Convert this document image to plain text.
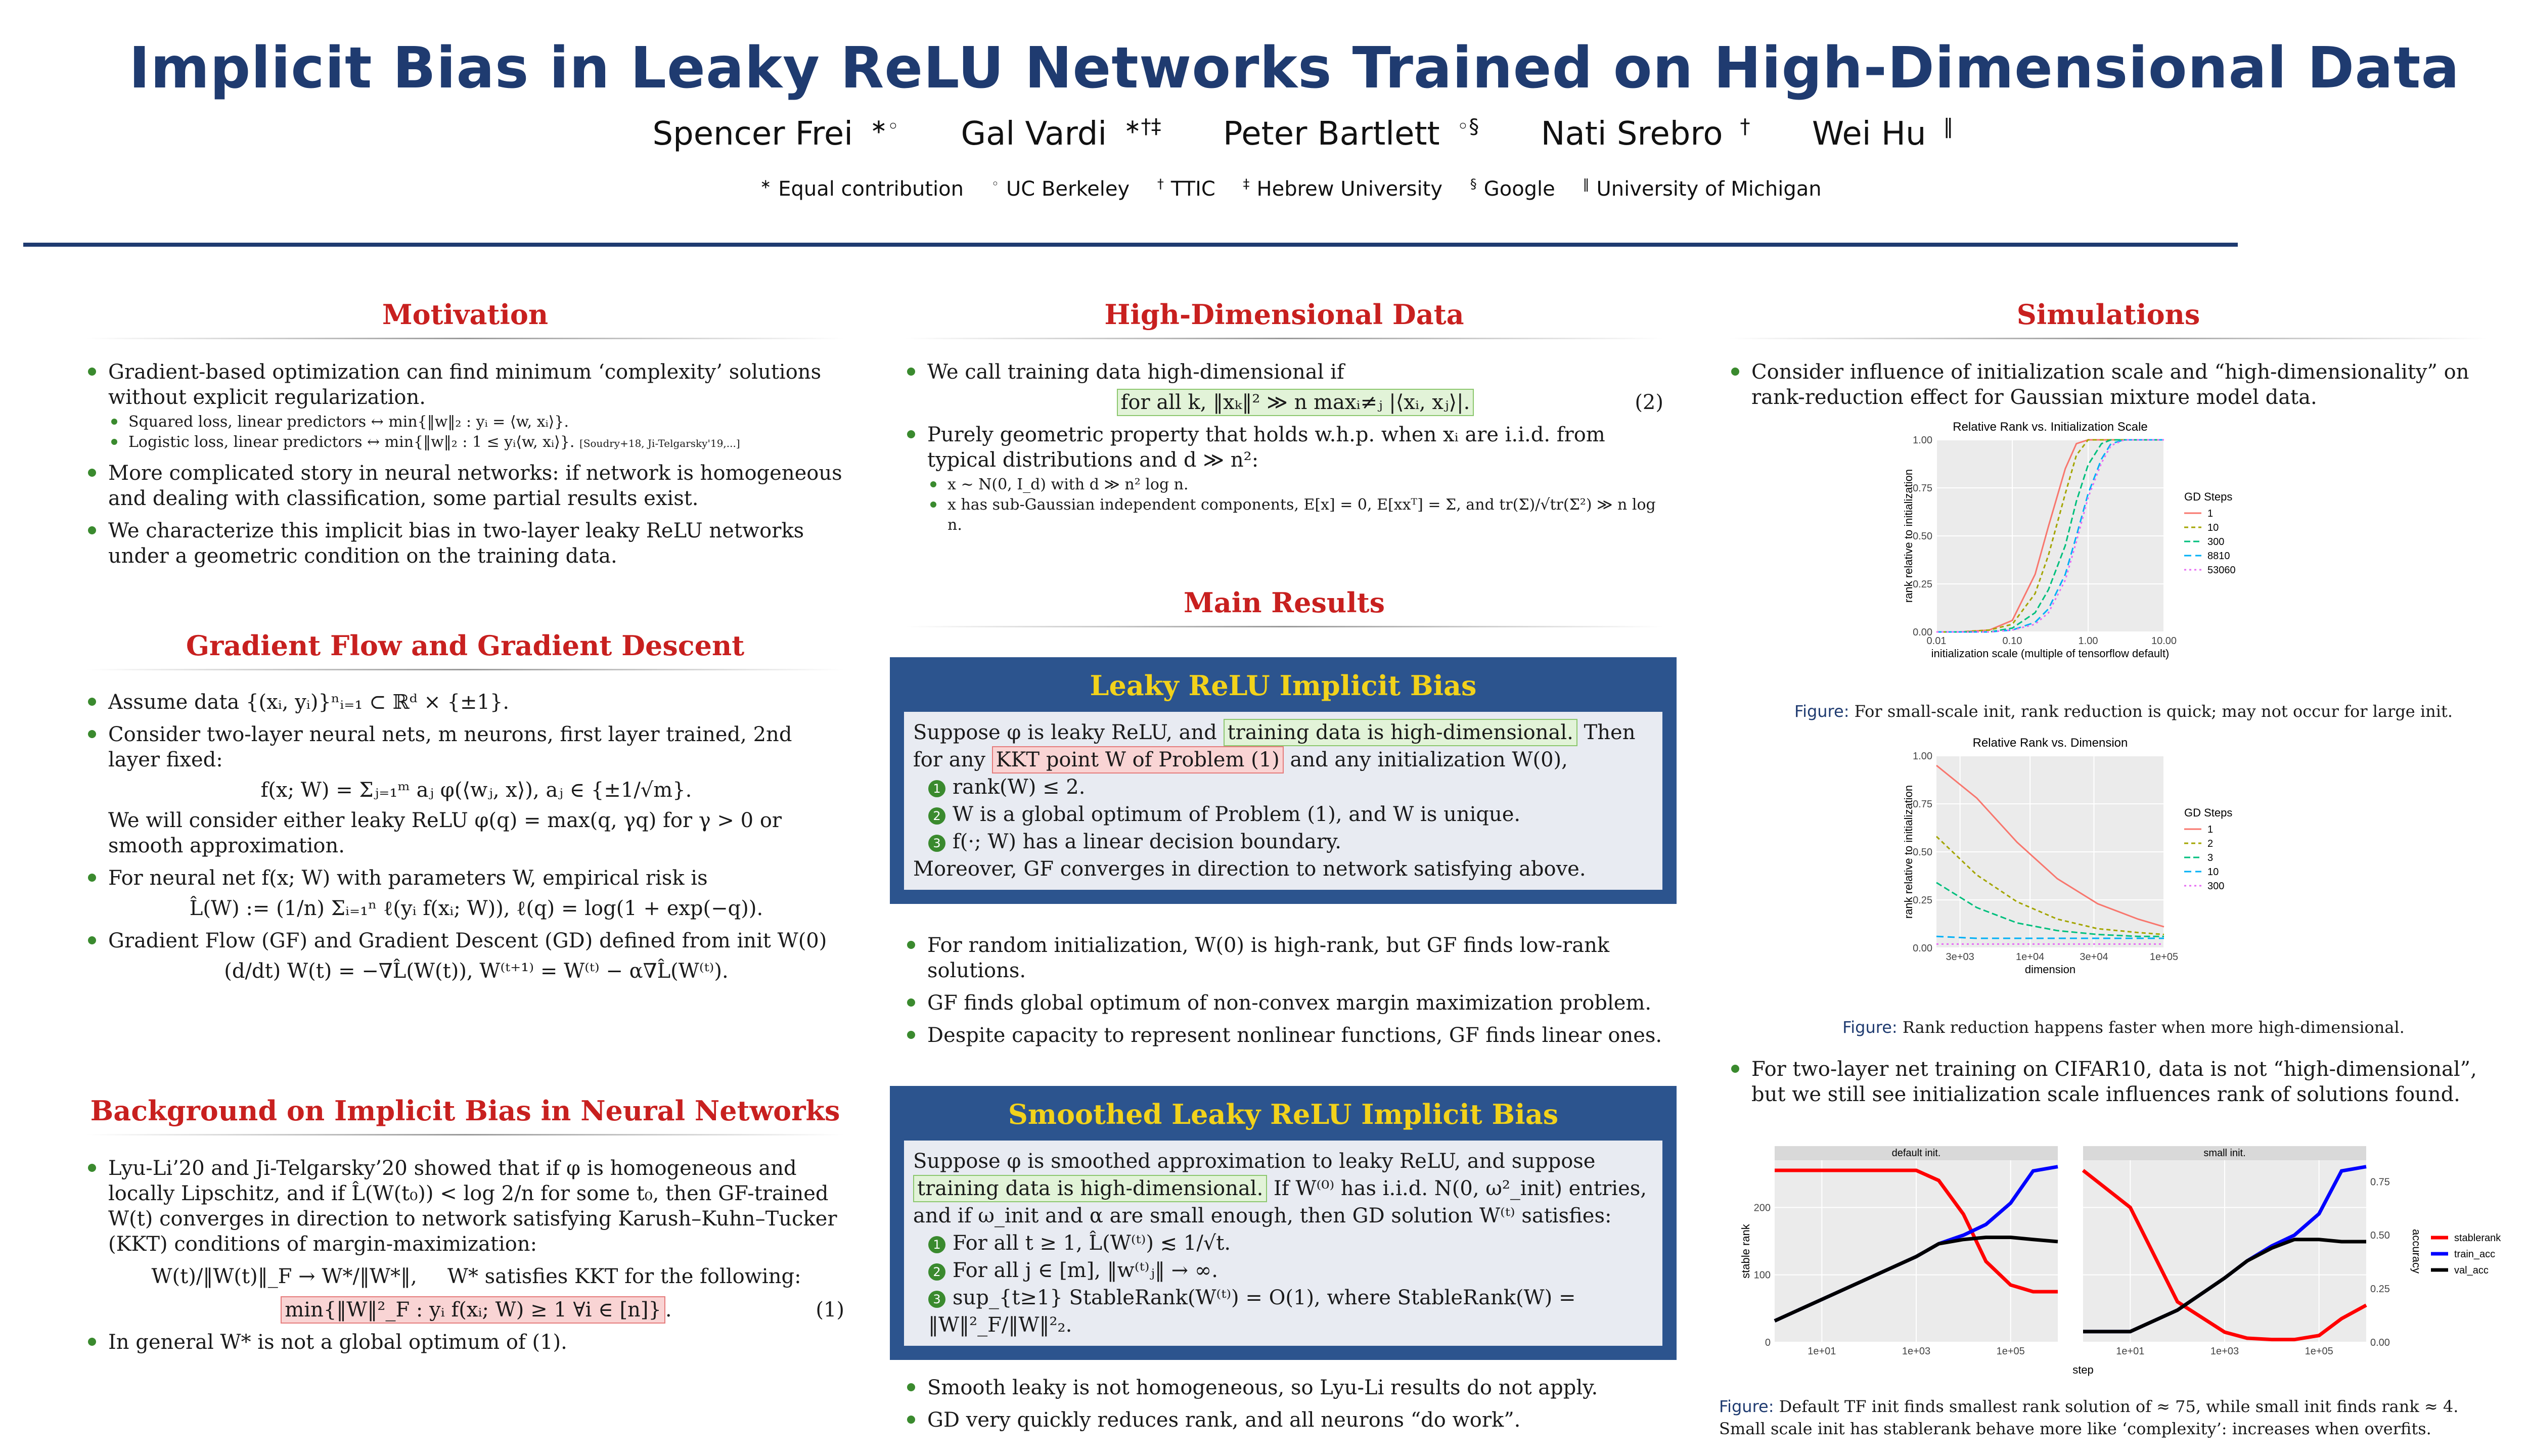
Implicit Bias in Leaky ReLU Networks Trained on High-Dimensional Data
Spencer Frei ∗◦ Gal Vardi ∗†‡ Peter Bartlett ◦§ Nati Srebro † Wei Hu ‖
∗ Equal contribution ◦ UC Berkeley † TTIC ‡ Hebrew University § Google ‖ University of Michigan
Motivation
Gradient-based optimization can find minimum ‘complexity’ solutions without explicit regularization.
Squared loss, linear predictors ↔ min{‖w‖₂ : yᵢ = ⟨w, xᵢ⟩}.
Logistic loss, linear predictors ↔ min{‖w‖₂ : 1 ≤ yᵢ⟨w, xᵢ⟩}. [Soudry+18, Ji-Telgarsky'19,...]
More complicated story in neural networks: if network is homogeneous and dealing with classification, some partial results exist.
We characterize this implicit bias in two-layer leaky ReLU networks under a geometric condition on the training data.
Gradient Flow and Gradient Descent
Assume data {(xᵢ, yᵢ)}ⁿᵢ₌₁ ⊂ ℝᵈ × {±1}.
Consider two-layer neural nets, m neurons, first layer trained, 2nd layer fixed:
f(x; W) = Σⱼ₌₁ᵐ aⱼ φ(⟨wⱼ, x⟩), aⱼ ∈ {±1/√m}.
We will consider either leaky ReLU φ(q) = max(q, γq) for γ > 0 or smooth approximation.
For neural net f(x; W) with parameters W, empirical risk is
L̂(W) := (1/n) Σᵢ₌₁ⁿ ℓ(yᵢ f(xᵢ; W)), ℓ(q) = log(1 + exp(−q)).
Gradient Flow (GF) and Gradient Descent (GD) defined from init W(0)
(d/dt) W(t) = −∇L̂(W(t)), W⁽ᵗ⁺¹⁾ = W⁽ᵗ⁾ − α∇L̂(W⁽ᵗ⁾).
Background on Implicit Bias in Neural Networks
Lyu-Li’20 and Ji-Telgarsky’20 showed that if φ is homogeneous and locally Lipschitz, and if L̂(W(t₀)) < log 2/n for some t₀, then GF-trained W(t) converges in direction to network satisfying Karush–Kuhn–Tucker (KKT) conditions of margin-maximization:
W(t)/‖W(t)‖_F → W*/‖W*‖, W* satisfies KKT for the following:
min{‖W‖²_F : yᵢ f(xᵢ; W) ≥ 1 ∀i ∈ [n]} .	(1)
In general W* is not a global optimum of (1).
High-Dimensional Data
We call training data high-dimensional if
for all k, ‖xₖ‖² ≫ n maxᵢ≠ⱼ |⟨xᵢ, xⱼ⟩|.	(2)
Purely geometric property that holds w.h.p. when xᵢ are i.i.d. from typical distributions and d ≫ n²:
x ∼ N(0, I_d) with d ≫ n² log n.
x has sub-Gaussian independent components, E[x] = 0, E[xxᵀ] = Σ, and tr(Σ)/√tr(Σ²) ≫ n log n.
Main Results
Leaky ReLU Implicit Bias
Suppose φ is leaky ReLU, and training data is high-dimensional. Then for any KKT point W of Problem (1) and any initialization W(0),
1 rank(W) ≤ 2.
2 W is a global optimum of Problem (1), and W is unique.
3 f(·; W) has a linear decision boundary.
Moreover, GF converges in direction to network satisfying above.
For random initialization, W(0) is high-rank, but GF finds low-rank solutions.
GF finds global optimum of non-convex margin maximization problem.
Despite capacity to represent nonlinear functions, GF finds linear ones.
Smoothed Leaky ReLU Implicit Bias
Suppose φ is smoothed approximation to leaky ReLU, and suppose training data is high-dimensional. If W⁽⁰⁾ has i.i.d. N(0, ω²_init) entries, and if ω_init and α are small enough, then GD solution W⁽ᵗ⁾ satisfies:
1 For all t ≥ 1, L̂(W⁽ᵗ⁾) ≲ 1/√t.
2 For all j ∈ [m], ‖w⁽ᵗ⁾ⱼ‖ → ∞.
3 sup_{t≥1} StableRank(W⁽ᵗ⁾) = O(1), where StableRank(W) = ‖W‖²_F/‖W‖²₂.
Smooth leaky is not homogeneous, so Lyu-Li results do not apply.
GD very quickly reduces rank, and all neurons “do work”.
Simulations
Consider influence of initialization scale and “high-dimensionality” on rank-reduction effect for Gaussian mixture model data.
Relative Rank vs. Initialization Scale
0.00
0.25
0.50
0.75
1.00
0.01	0.10	1.00	10.00
initialization scale (multiple of tensorflow default)
rank relative to initialization	GD Steps
1
10
300
8810
53060
Figure: For small-scale init, rank reduction is quick; may not occur for large init.
Relative Rank vs. Dimension
0.00
0.25
0.50
0.75
1.00
3e+03	1e+04	3e+04	1e+05
dimension
rank relative to initialization	GD Steps
1
2
3
10
300
Figure: Rank reduction happens faster when more high-dimensional.
For two-layer net training on CIFAR10, data is not “high-dimensional”, but we still see initialization scale influences rank of solutions found.
default init.
1e+01	1e+03	1e+05
small init.
1e+01	1e+03	1e+05
0
100
200
0.00
0.25
0.50
0.75
stable rank	accuracy
step
stablerank
train_acc
val_acc
Figure: Default TF init finds smallest rank solution of ≈ 75, while small init finds rank ≈ 4. Small scale init has stablerank behave more like ‘complexity’: increases when overfits.
